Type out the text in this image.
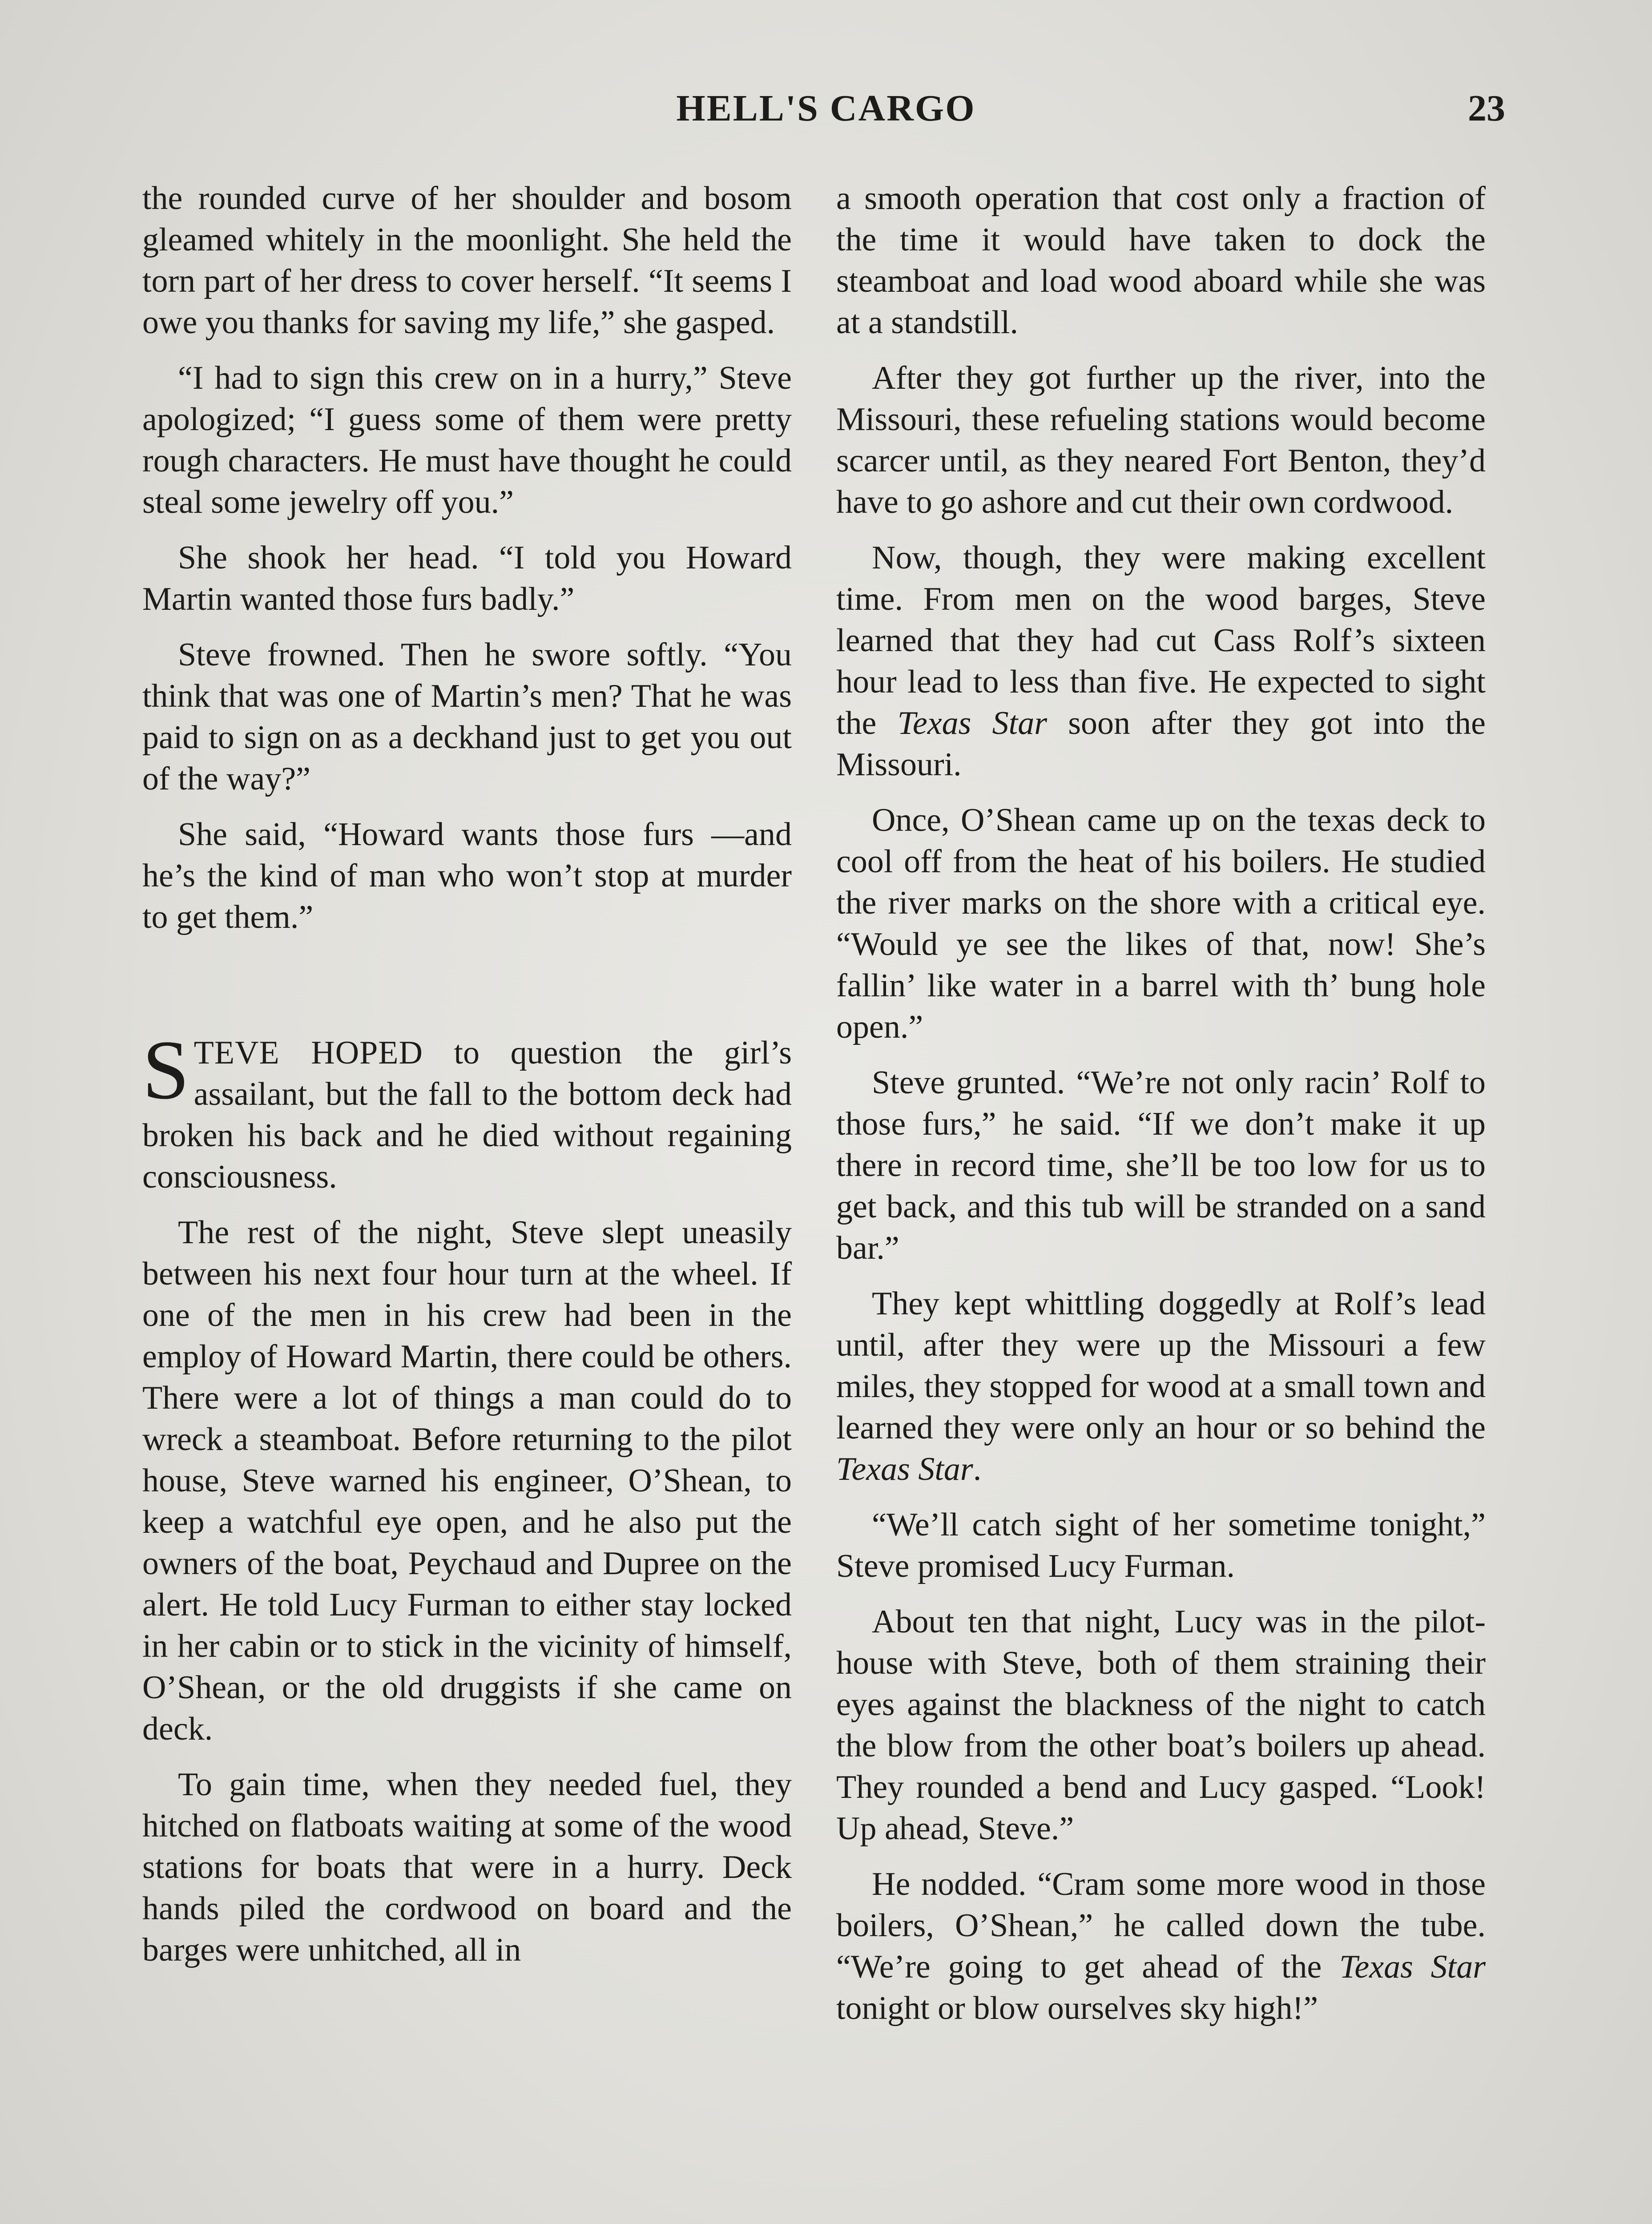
HELL'S CARGO	23

the rounded curve of her shoulder and bosom gleamed whitely in the moonlight. She held the torn part of her dress to cover herself. “It seems I owe you thanks for saving my life,” she gasped.

“I had to sign this crew on in a hurry,” Steve apologized; “I guess some of them were pretty rough characters. He must have thought he could steal some jewelry off you.”

She shook her head. “I told you Howard Martin wanted those furs badly.”

Steve frowned. Then he swore softly. “You think that was one of Martin’s men? That he was paid to sign on as a deckhand just to get you out of the way?”

She said, “Howard wants those furs —and he’s the kind of man who won’t stop at murder to get them.”

STEVE HOPED to question the girl’s assailant, but the fall to the bottom deck had broken his back and he died without regaining consciousness.

The rest of the night, Steve slept uneasily between his next four hour turn at the wheel. If one of the men in his crew had been in the employ of Howard Martin, there could be others. There were a lot of things a man could do to wreck a steamboat. Before returning to the pilot house, Steve warned his engineer, O’Shean, to keep a watchful eye open, and he also put the owners of the boat, Peychaud and Dupree on the alert. He told Lucy Furman to either stay locked in her cabin or to stick in the vicinity of himself, O’Shean, or the old druggists if she came on deck.

To gain time, when they needed fuel, they hitched on flatboats waiting at some of the wood stations for boats that were in a hurry. Deck hands piled the cordwood on board and the barges were unhitched, all in

a smooth operation that cost only a fraction of the time it would have taken to dock the steamboat and load wood aboard while she was at a standstill.

After they got further up the river, into the Missouri, these refueling stations would become scarcer until, as they neared Fort Benton, they’d have to go ashore and cut their own cordwood.

Now, though, they were making excellent time. From men on the wood barges, Steve learned that they had cut Cass Rolf’s sixteen hour lead to less than five. He expected to sight the Texas Star soon after they got into the Missouri.

Once, O’Shean came up on the texas deck to cool off from the heat of his boilers. He studied the river marks on the shore with a critical eye. “Would ye see the likes of that, now! She’s fallin’ like water in a barrel with th’ bung hole open.”

Steve grunted. “We’re not only racin’ Rolf to those furs,” he said. “If we don’t make it up there in record time, she’ll be too low for us to get back, and this tub will be stranded on a sand bar.”

They kept whittling doggedly at Rolf’s lead until, after they were up the Missouri a few miles, they stopped for wood at a small town and learned they were only an hour or so behind the Texas Star.

“We’ll catch sight of her sometime tonight,” Steve promised Lucy Furman.

About ten that night, Lucy was in the pilot-house with Steve, both of them straining their eyes against the blackness of the night to catch the blow from the other boat’s boilers up ahead. They rounded a bend and Lucy gasped. “Look! Up ahead, Steve.”

He nodded. “Cram some more wood in those boilers, O’Shean,” he called down the tube. “We’re going to get ahead of the Texas Star tonight or blow ourselves sky high!”
